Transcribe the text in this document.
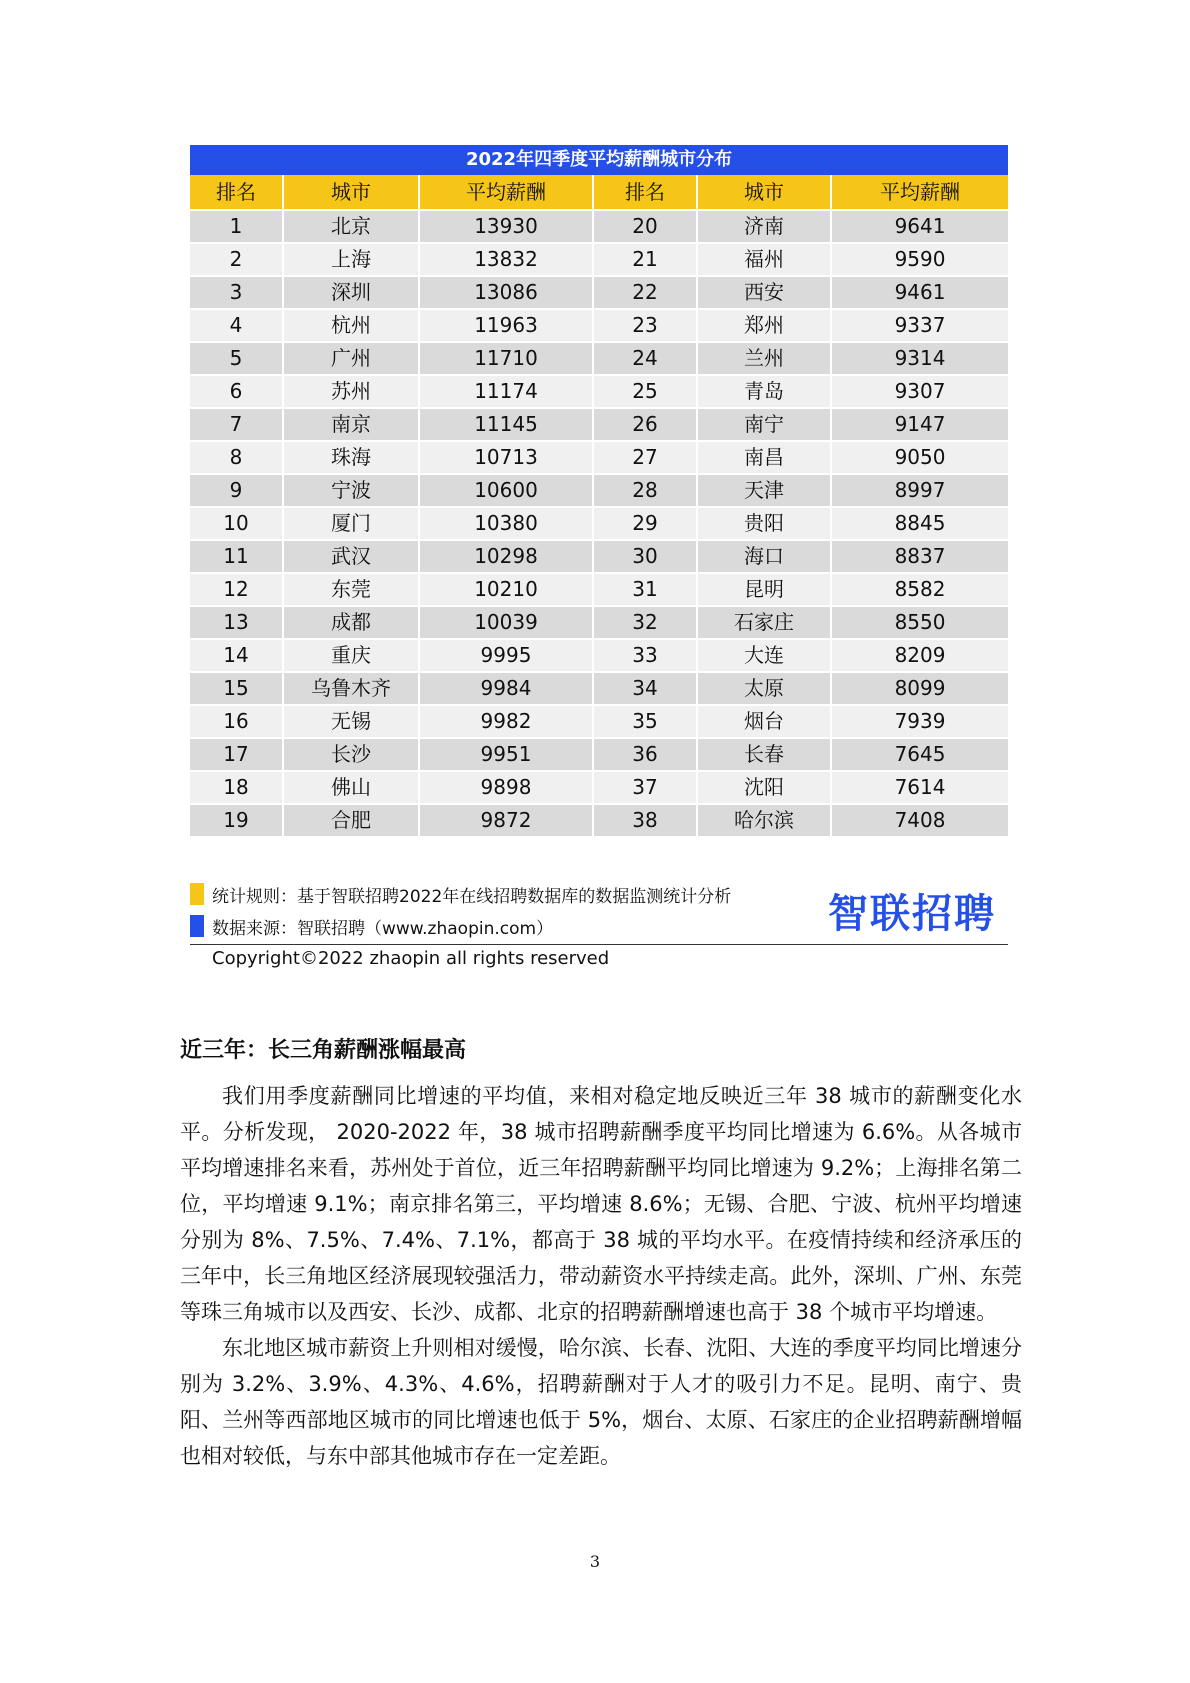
2022年四季度平均薪酬城市分布					
排名	城市	平均薪酬	排名	城市	平均薪酬
1	北京	13930	20	济南	9641
2	上海	13832	21	福州	9590
3	深圳	13086	22	西安	9461
4	杭州	11963	23	郑州	9337
5	广州	11710	24	兰州	9314
6	苏州	11174	25	青岛	9307
7	南京	11145	26	南宁	9147
8	珠海	10713	27	南昌	9050
9	宁波	10600	28	天津	8997
10	厦门	10380	29	贵阳	8845
11	武汉	10298	30	海口	8837
12	东莞	10210	31	昆明	8582
13	成都	10039	32	石家庄	8550
14	重庆	9995	33	大连	8209
15	乌鲁木齐	9984	34	太原	8099
16	无锡	9982	35	烟台	7939
17	长沙	9951	36	长春	7645
18	佛山	9898	37	沈阳	7614
19	合肥	9872	38	哈尔滨	7408
统计规则：基于智联招聘2022年在线招聘数据库的数据监测统计分析
数据来源：智联招聘（www.zhaopin.com）	智联招聘
Copyright©2022 zhaopin all rights reserved
近三年：长三角薪酬涨幅最高

我们用季度薪酬同比增速的平均值，来相对稳定地反映近三年 38 城市的薪酬变化水平。分析发现， 2020-2022 年，38 城市招聘薪酬季度平均同比增速为 6.6%。从各城市平均增速排名来看，苏州处于首位，近三年招聘薪酬平均同比增速为 9.2%；上海排名第二位，平均增速 9.1%；南京排名第三，平均增速 8.6%；无锡、合肥、宁波、杭州平均增速分别为 8%、7.5%、7.4%、7.1%，都高于 38 城的平均水平。在疫情持续和经济承压的三年中，长三角地区经济展现较强活力，带动薪资水平持续走高。此外，深圳、广州、东莞等珠三角城市以及西安、长沙、成都、北京的招聘薪酬增速也高于 38 个城市平均增速。

东北地区城市薪资上升则相对缓慢，哈尔滨、长春、沈阳、大连的季度平均同比增速分别为 3.2%、3.9%、4.3%、4.6%，招聘薪酬对于人才的吸引力不足。昆明、南宁、贵阳、兰州等西部地区城市的同比增速也低于 5%，烟台、太原、石家庄的企业招聘薪酬增幅也相对较低，与东中部其他城市存在一定差距。

3
